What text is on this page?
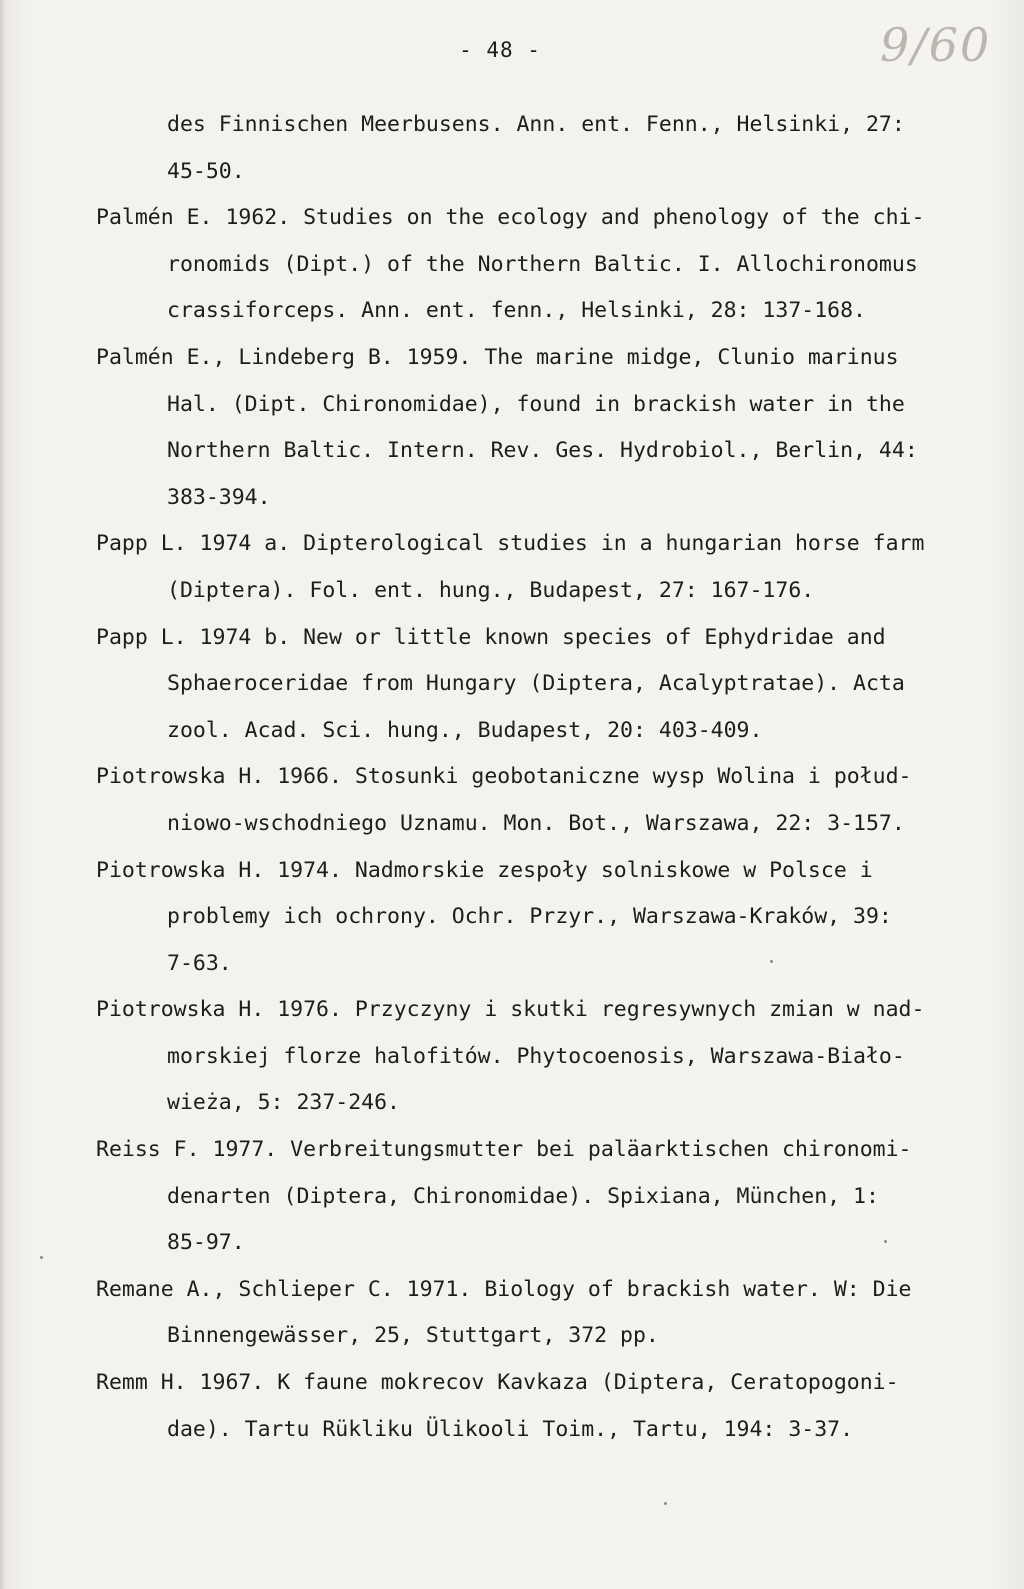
- 48 -	9/60
des Finnischen Meerbusens. Ann. ent. Fenn., Helsinki, 27:
45-50.
Palmén E. 1962. Studies on the ecology and phenology of the chi-
ronomids (Dipt.) of the Northern Baltic. I. Allochironomus
crassiforceps. Ann. ent. fenn., Helsinki, 28: 137-168.
Palmén E., Lindeberg B. 1959. The marine midge, Clunio marinus
Hal. (Dipt. Chironomidae), found in brackish water in the
Northern Baltic. Intern. Rev. Ges. Hydrobiol., Berlin, 44:
383-394.
Papp L. 1974 a. Dipterological studies in a hungarian horse farm
(Diptera). Fol. ent. hung., Budapest, 27: 167-176.
Papp L. 1974 b. New or little known species of Ephydridae and
Sphaeroceridae from Hungary (Diptera, Acalyptratae). Acta
zool. Acad. Sci. hung., Budapest, 20: 403-409.
Piotrowska H. 1966. Stosunki geobotaniczne wysp Wolina i połud-
niowo-wschodniego Uznamu. Mon. Bot., Warszawa, 22: 3-157.
Piotrowska H. 1974. Nadmorskie zespoły solniskowe w Polsce i
problemy ich ochrony. Ochr. Przyr., Warszawa-Kraków, 39:
7-63.
Piotrowska H. 1976. Przyczyny i skutki regresywnych zmian w nad-
morskiej florze halofitów. Phytocoenosis, Warszawa-Biało-
wieża, 5: 237-246.
Reiss F. 1977. Verbreitungsmutter bei paläarktischen chironomi-
denarten (Diptera, Chironomidae). Spixiana, München, 1:
85-97.
Remane A., Schlieper C. 1971. Biology of brackish water. W: Die
Binnengewässer, 25, Stuttgart, 372 pp.
Remm H. 1967. K faune mokrecov Kavkaza (Diptera, Ceratopogoni-
dae). Tartu Rükliku Ülikooli Toim., Tartu, 194: 3-37.
